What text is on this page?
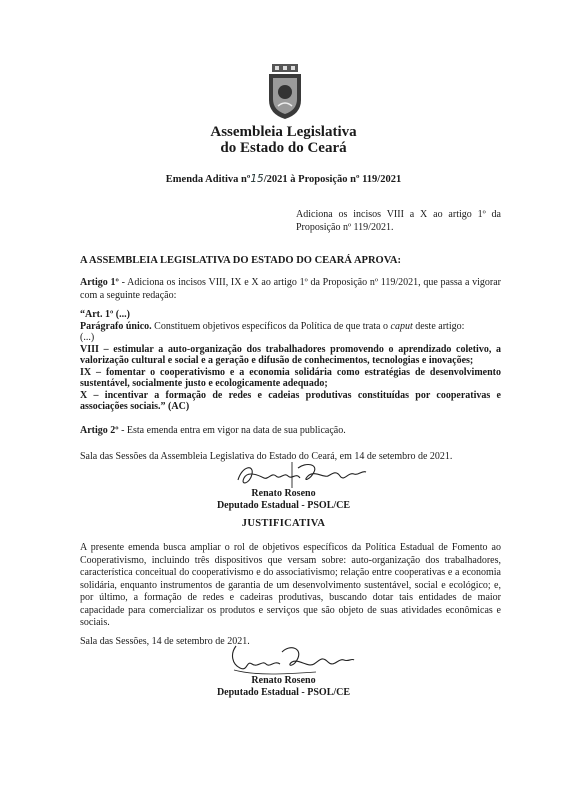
Assembleia Legislativa
do Estado do Ceará
Emenda Aditiva nº15/2021 à Proposição nº 119/2021
Adiciona os incisos VIII a X ao artigo 1º da Proposição nº 119/2021.
A ASSEMBLEIA LEGISLATIVA DO ESTADO DO CEARÁ APROVA:
Artigo 1º - Adiciona os incisos VIII, IX e X ao artigo 1º da Proposição nº 119/2021, que passa a vigorar com a seguinte redação:

“Art. 1º (...)

Parágrafo único. Constituem objetivos específicos da Política de que trata o caput deste artigo:

(...)

VIII – estimular a auto-organização dos trabalhadores promovendo o aprendizado coletivo, a valorização cultural e social e a geração e difusão de conhecimentos, tecnologias e inovações;

IX – fomentar o cooperativismo e a economia solidária como estratégias de desenvolvimento sustentável, socialmente justo e ecologicamente adequado;

X – incentivar a formação de redes e cadeias produtivas constituídas por cooperativas e associações sociais.” (AC)

Artigo 2º - Esta emenda entra em vigor na data de sua publicação.
Sala das Sessões da Assembleia Legislativa do Estado do Ceará, em 14 de setembro de 2021.
Renato Roseno
Deputado Estadual - PSOL/CE
JUSTIFICATIVA
A presente emenda busca ampliar o rol de objetivos específicos da Política Estadual de Fomento ao Cooperativismo, incluindo três dispositivos que versam sobre: auto-organização dos trabalhadores, característica conceitual do cooperativismo e do associativismo; relação entre cooperativas e a economia solidária, enquanto instrumentos de garantia de um desenvolvimento sustentável, social e ecológico; e, por último, a formação de redes e cadeiras produtivas, buscando dotar tais entidades de maior capacidade para comercializar os produtos e serviços que são objeto de suas atividades econômicas e sociais.
Sala das Sessões, 14 de setembro de 2021.
Renato Roseno
Deputado Estadual - PSOL/CE
